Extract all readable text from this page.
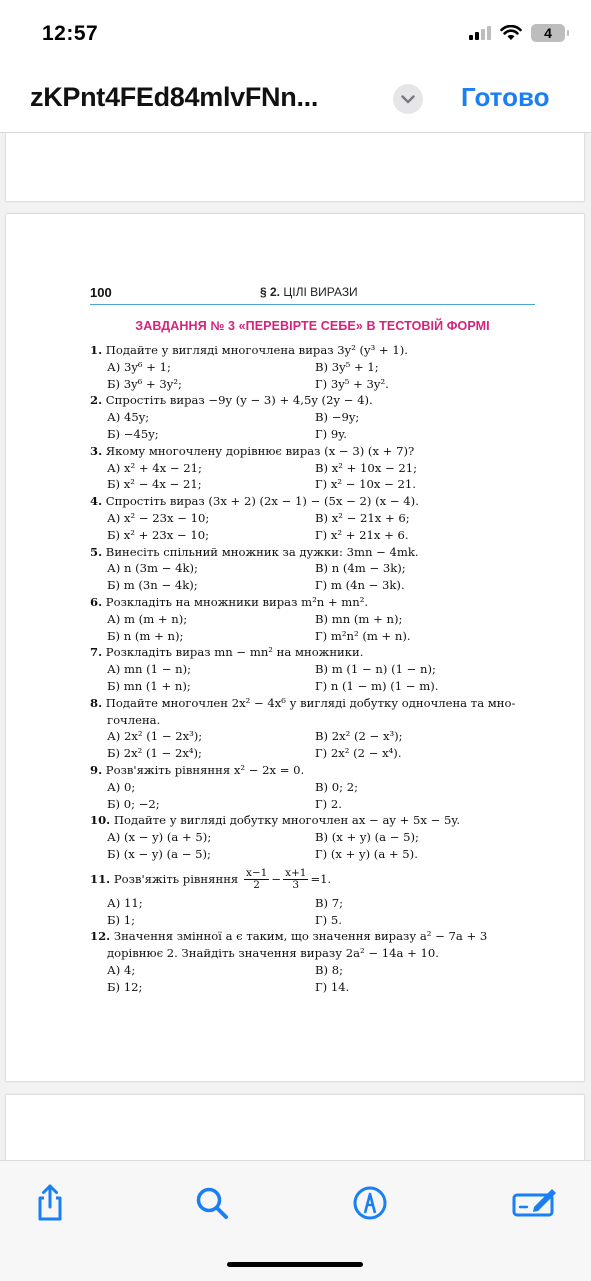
12:57	4
zKPnt4FEd84mlvFNn...	Готово
100	§ 2. ЦІЛІ ВИРАЗИ
ЗАВДАННЯ № 3 «ПЕРЕВІРТЕ СЕБЕ» В ТЕСТОВІЙ ФОРМІ

1. Подайте у вигляді многочлена вираз 3y² (y³ + 1).

А) 3y⁶ + 1;	В) 3y⁵ + 1;
Б) 3y⁶ + 3y²;	Г) 3y⁵ + 3y².

2. Спростіть вираз −9y (y − 3) + 4,5y (2y − 4).

А) 45y;	В) −9y;
Б) −45y;	Г) 9y.

3. Якому многочлену дорівнює вираз (x − 3) (x + 7)?

А) x² + 4x − 21;	В) x² + 10x − 21;
Б) x² − 4x − 21;	Г) x² − 10x − 21.

4. Спростіть вираз (3x + 2) (2x − 1) − (5x − 2) (x − 4).

А) x² − 23x − 10;	В) x² − 21x + 6;
Б) x² + 23x − 10;	Г) x² + 21x + 6.

5. Винесіть спільний множник за дужки: 3mn − 4mk.

А) n (3m − 4k);	В) n (4m − 3k);
Б) m (3n − 4k);	Г) m (4n − 3k).

6. Розкладіть на множники вираз m²n + mn².

А) m (m + n);	В) mn (m + n);
Б) n (m + n);	Г) m²n² (m + n).

7. Розкладіть вираз mn − mn² на множники.

А) mn (1 − n);	В) m (1 − n) (1 − n);
Б) mn (1 + n);	Г) n (1 − m) (1 − m).

8. Подайте многочлен 2x² − 4x⁶ у вигляді добутку одночлена та мно-

гочлена.

А) 2x² (1 − 2x³);	В) 2x² (2 − x³);
Б) 2x² (1 − 2x⁴);	Г) 2x² (2 − x⁴).

9. Розв'яжіть рівняння x² − 2x = 0.

А) 0;	В) 0; 2;
Б) 0; −2;	Г) 2.

10. Подайте у вигляді добутку многочлен ax − ay + 5x − 5y.

А) (x − y) (a + 5);	В) (x + y) (a − 5);
Б) (x − y) (a − 5);	Г) (x + y) (a + 5).
11.
Розв'яжіть рівняння
$\frac{x-1}{2} - \frac{x+1}{3} =1$.
А) 11;	В) 7;
Б) 1;	Г) 5.

12. Значення змінної a є таким, що значення виразу a² − 7a + 3

дорівнює 2. Знайдіть значення виразу 2a² − 14a + 10.

А) 4;	В) 8;
Б) 12;	Г) 14.
